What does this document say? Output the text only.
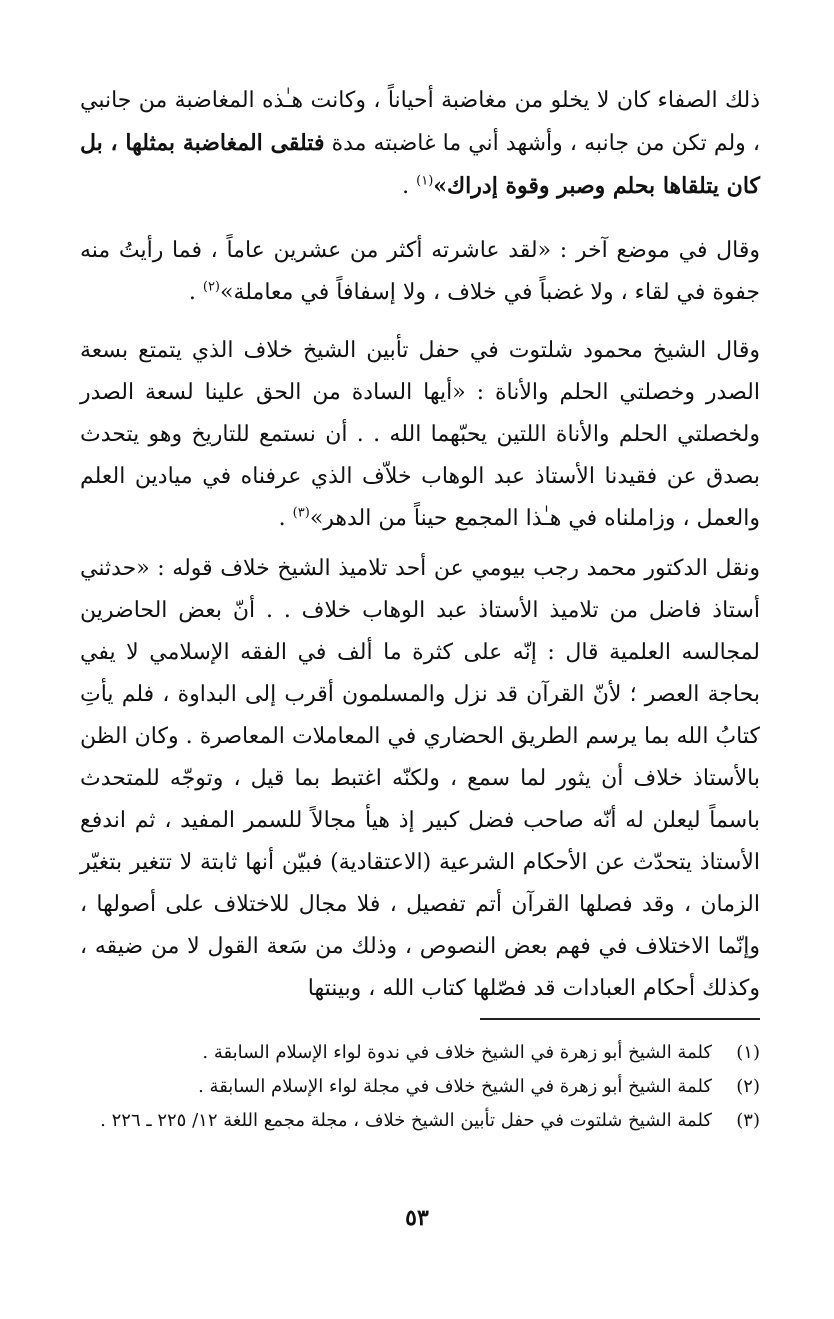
ذلك الصفاء كان لا يخلو من مغاضبة أحياناً ، وكانت هـٰذه المغاضبة من جانبي ، ولم تكن من جانبه ، وأشهد أني ما غاضبته مدة فتلقى المغاضبة بمثلها ، بل كان يتلقاها بحلم وصبر وقوة إدراك»$^{(١)}$ .

وقال في موضع آخر : «لقد عاشرته أكثر من عشرين عاماً ، فما رأيتُ منه جفوة في لقاء ، ولا غضباً في خلاف ، ولا إسفافاً في معاملة»$^{(٢)}$ .

وقال الشيخ محمود شلتوت في حفل تأبين الشيخ خلاف الذي يتمتع بسعة الصدر وخصلتي الحلم والأناة : «أيها السادة من الحق علينا لسعة الصدر ولخصلتي الحلم والأناة اللتين يحبّهما الله . . أن نستمع للتاريخ وهو يتحدث بصدق عن فقيدنا الأستاذ عبد الوهاب خلاّف الذي عرفناه في ميادين العلم والعمل ، وزاملناه في هـٰذا المجمع حيناً من الدهر»$^{(٣)}$ .

ونقل الدكتور محمد رجب بيومي عن أحد تلاميذ الشيخ خلاف قوله : «حدثني أستاذ فاضل من تلاميذ الأستاذ عبد الوهاب خلاف . . أنّ بعض الحاضرين لمجالسه العلمية قال : إنّه على كثرة ما ألف في الفقه الإسلامي لا يفي بحاجة العصر ؛ لأنّ القرآن قد نزل والمسلمون أقرب إلى البداوة ، فلم يأتِ كتابُ الله بما يرسم الطريق الحضاري في المعاملات المعاصرة . وكان الظن بالأستاذ خلاف أن يثور لما سمع ، ولكنّه اغتبط بما قيل ، وتوجّه للمتحدث باسماً ليعلن له أنّه صاحب فضل كبير إذ هيأ مجالاً للسمر المفيد ، ثم اندفع الأستاذ يتحدّث عن الأحكام الشرعية (الاعتقادية) فبيّن أنها ثابتة لا تتغير بتغيّر الزمان ، وقد فصلها القرآن أتم تفصيل ، فلا مجال للاختلاف على أصولها ، وإنّما الاختلاف في فهم بعض النصوص ، وذلك من سَعة القول لا من ضيقه ، وكذلك أحكام العبادات قد فصّلها كتاب الله ، وبينتها

(١)
كلمة الشيخ أبو زهرة في الشيخ خلاف في ندوة لواء الإسلام السابقة .
(٢)
كلمة الشيخ أبو زهرة في الشيخ خلاف في مجلة لواء الإسلام السابقة .
(٣)
كلمة الشيخ شلتوت في حفل تأبين الشيخ خلاف ، مجلة مجمع اللغة ١٢/ ٢٢٥ ـ ٢٢٦ .
٥٣
